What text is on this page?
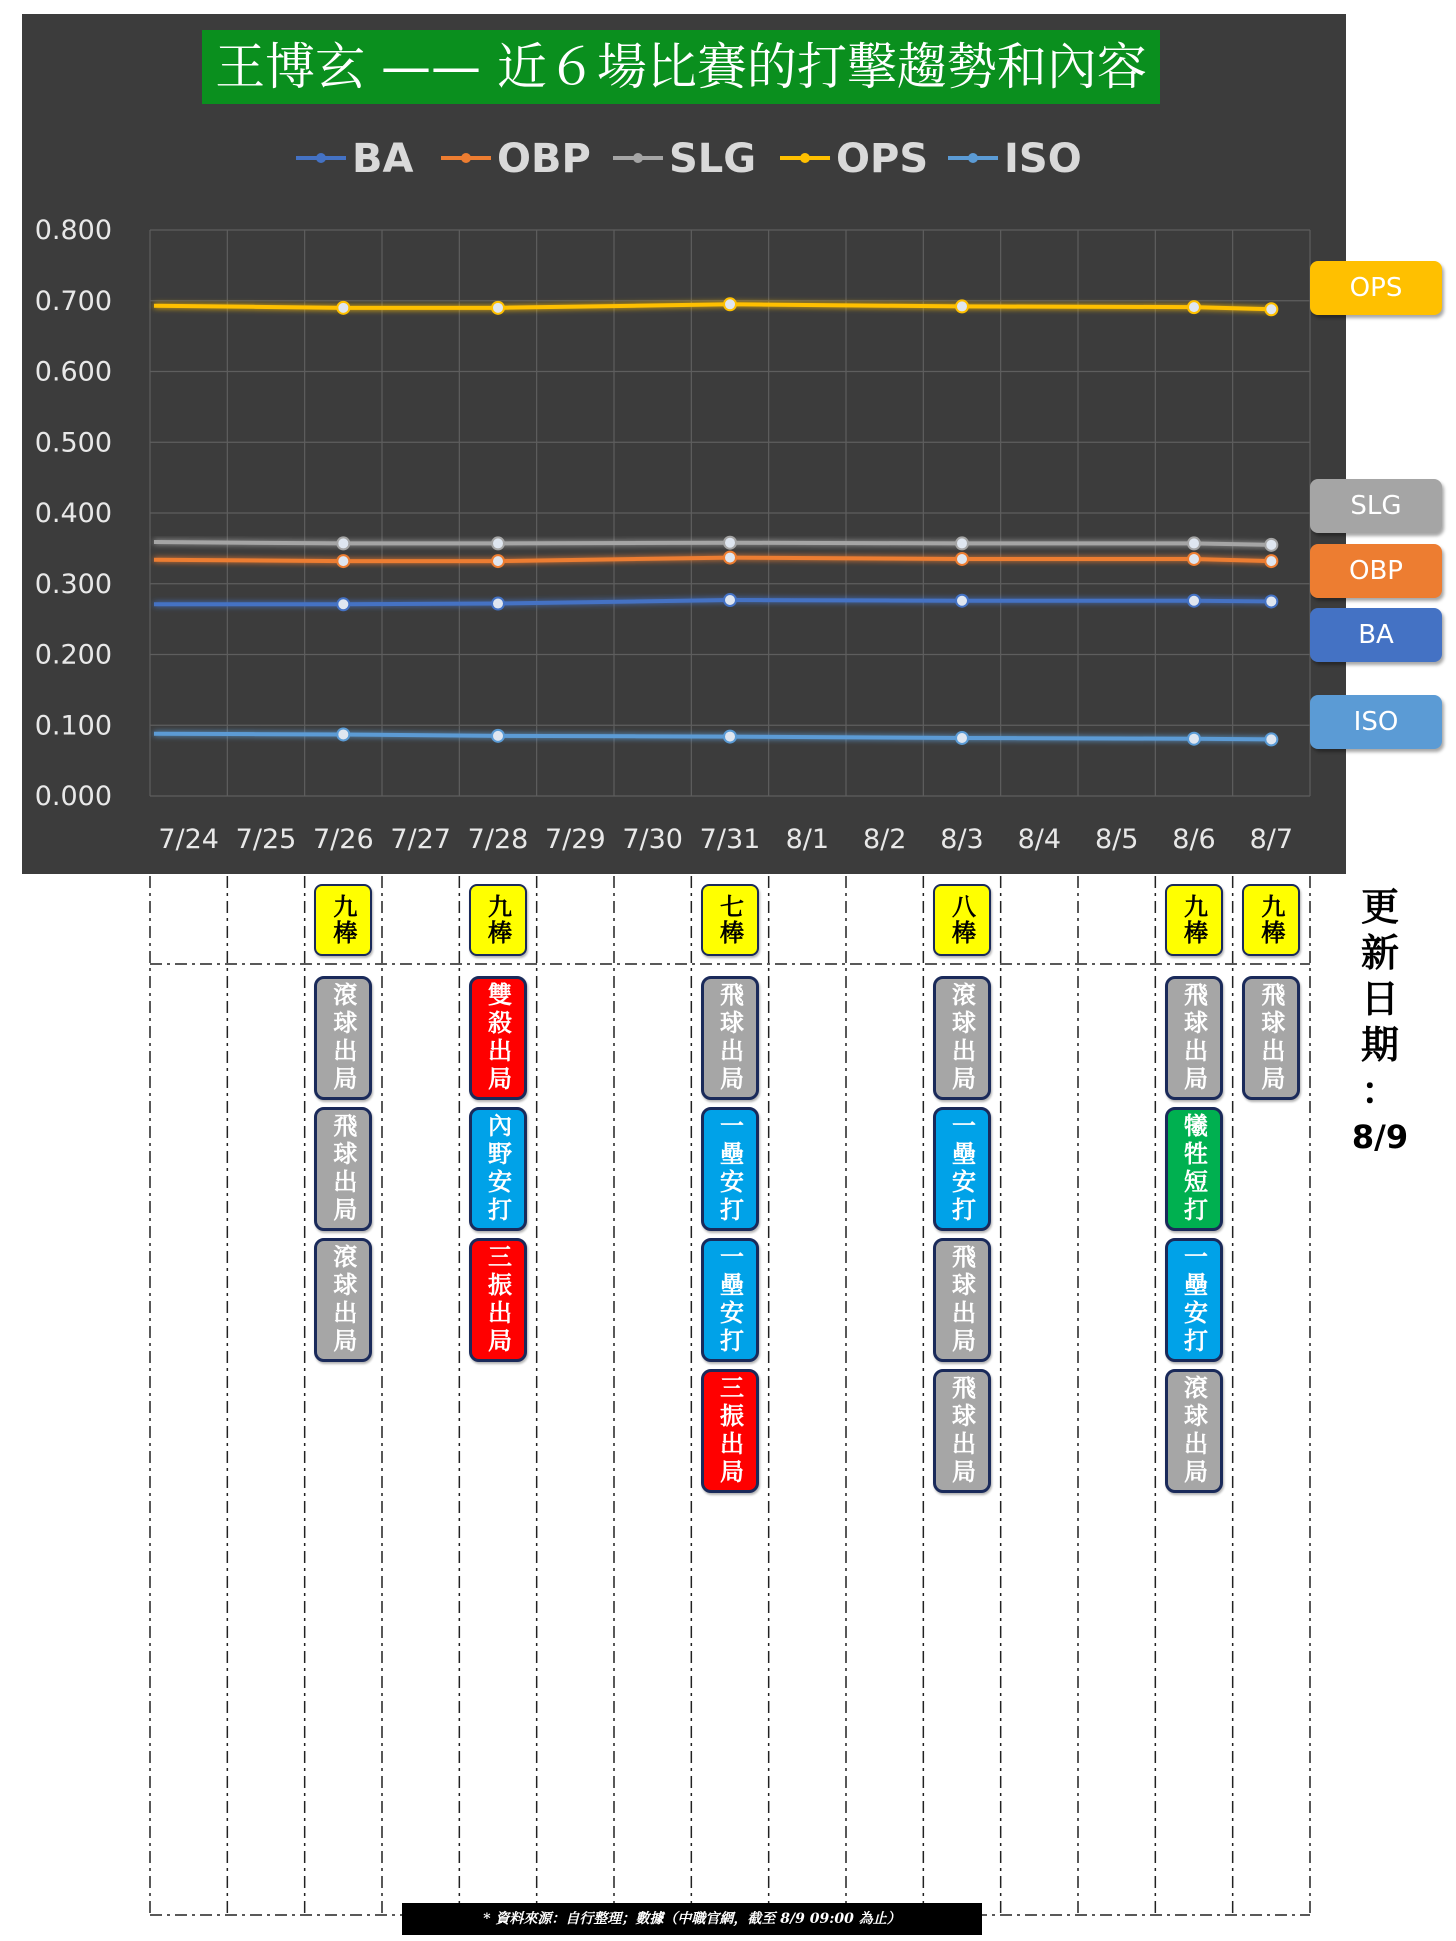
0.800
0.700
0.600
0.500
0.400
0.300
0.200
0.100
0.000
7/24 7/25 7/26 7/27 7/28 7/29 7/30 7/31 8/1 8/2 8/3 8/4 8/5 8/6 8/7
BA OBP SLG OPS ISO
王博玄 —— 近６場比賽的打擊趨勢和內容
OPS
SLG
OBP
BA
ISO
九棒
滾球出局
飛球出局
滾球出局
九棒
雙殺出局
內野安打
三振出局
七棒
飛球出局
一壘安打
一壘安打
三振出局
八棒
滾球出局
一壘安打
飛球出局
飛球出局
九棒
飛球出局
犧牲短打
一壘安打
滾球出局
九棒
飛球出局
更
新
日
期
：
8/9
* 資料來源：自行整理；數據（中職官網，截至 8/9 09:00 為止）
